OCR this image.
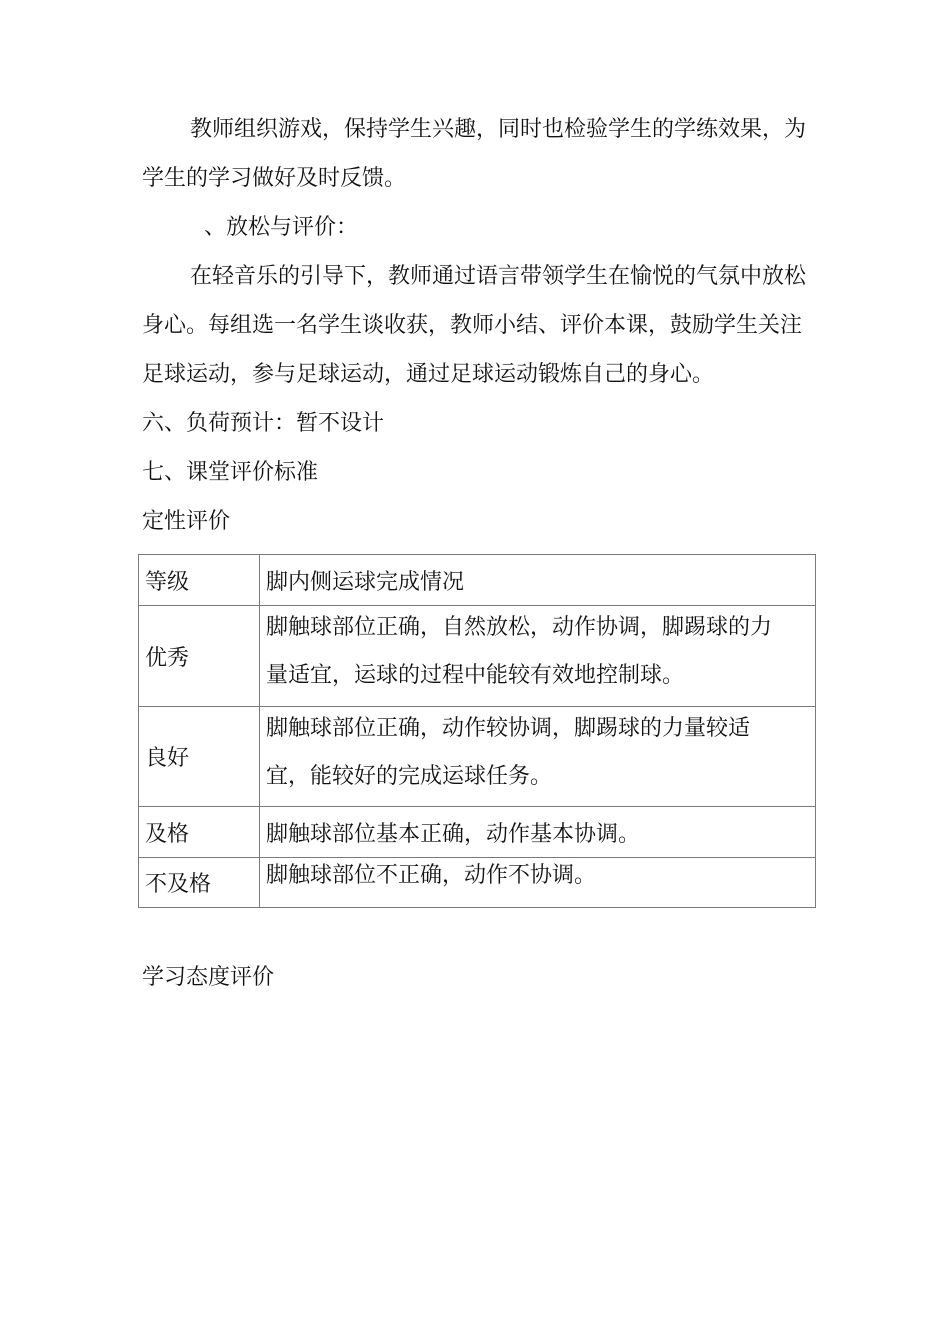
教师组织游戏，保持学生兴趣，同时也检验学生的学练效果，为
学生的学习做好及时反馈。
、放松与评价：
在轻音乐的引导下，教师通过语言带领学生在愉悦的气氛中放松
身心。每组选一名学生谈收获，教师小结、评价本课，鼓励学生关注
足球运动，参与足球运动，通过足球运动锻炼自己的身心。
六、负荷预计：暂不设计
七、课堂评价标准
定性评价
等级	脚内侧运球完成情况
优秀	脚触球部位正确，自然放松，动作协调，脚踢球的力
量适宜，运球的过程中能较有效地控制球。

良好	脚触球部位正确，动作较协调，脚踢球的力量较适
宜，能较好的完成运球任务。

及格	脚触球部位基本正确，动作基本协调。
不及格	脚触球部位不正确，动作不协调。
学习态度评价
